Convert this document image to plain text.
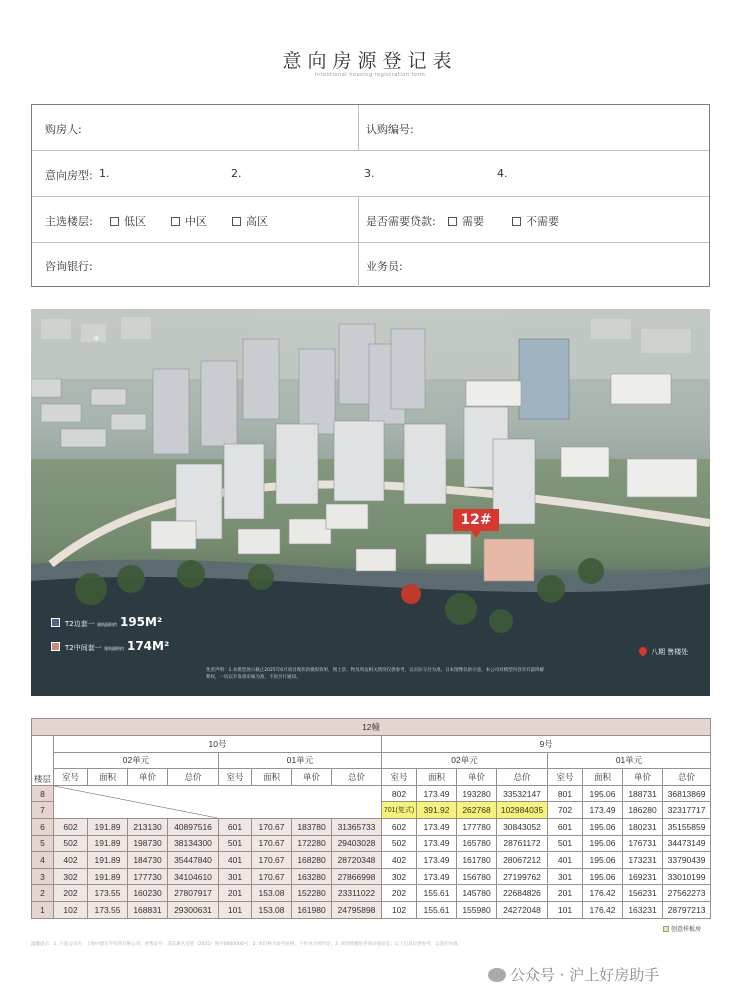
意向房源登记表
Intentional housing registration form
购房人:	认购编号:
意向房型: 1.	2.	3.	4.
主选楼层:	低区	中区	高区	是否需要贷款:	需要	不需要
咨询银行:	业务员:
✳
T2边套一 建筑面积约 195M²
T2中间套一 建筑面积约 174M²
12#
八期 售楼处
免责声明：1.本模型展示截止2025年6月项目现状的模拟效果，图上景、物及周边相关情况仅供参考，以实际交付为准。日本图像仅供示意，本公司对模型内容享有最终解释权，一切以开发商审核为准，不再另行通知。
12幢																	
楼层	10号								9号								
	02单元				01单元				02单元				01单元				
	室号	面积	单价	总价	室号	面积	单价	总价	室号	面积	单价	总价	室号	面积	单价	总价	
8									802	173.49	193280	33532147	801	195.06	188731	36813869	
7									701(复式)	391.92	262768	102984035	702	173.49	186280	32317717				
6	602	191.89	213130	40897516	601	170.67	183780	31365733	602	173.49	177780	30843052	601	195.06	180231	35155859	
5	502	191.89	198730	38134300	501	170.67	172280	29403028	502	173.49	165780	28761172	501	195.06	176731	34473149	
4	402	191.89	184730	35447840	401	170.67	168280	28720348	402	173.49	161780	28067212	401	195.06	173231	33790439	
3	302	191.89	177730	34104610	301	170.67	163280	27866998	302	173.49	156780	27199762	301	195.06	169231	33010199	
2	202	173.55	160230	27807917	201	153.08	152280	23311022	202	155.61	145780	22684826	201	176.42	156231	27562273	
1	102	173.55	168831	29300631	101	153.08	161980	24795898	102	155.61	155980	24272048	101	176.42	163231	28797213	
创意样板房
温馨提示：1. 开发公司名：上海中建东孚投资有限公司；预售证号：浦东新区房管（2025）预字0000000号；2. 本价格为参考价格，不作为合同约定；3. 请到售楼处咨询详细信息；以上信息仅供参考，以签约为准。
公众号 · 沪上好房助手
